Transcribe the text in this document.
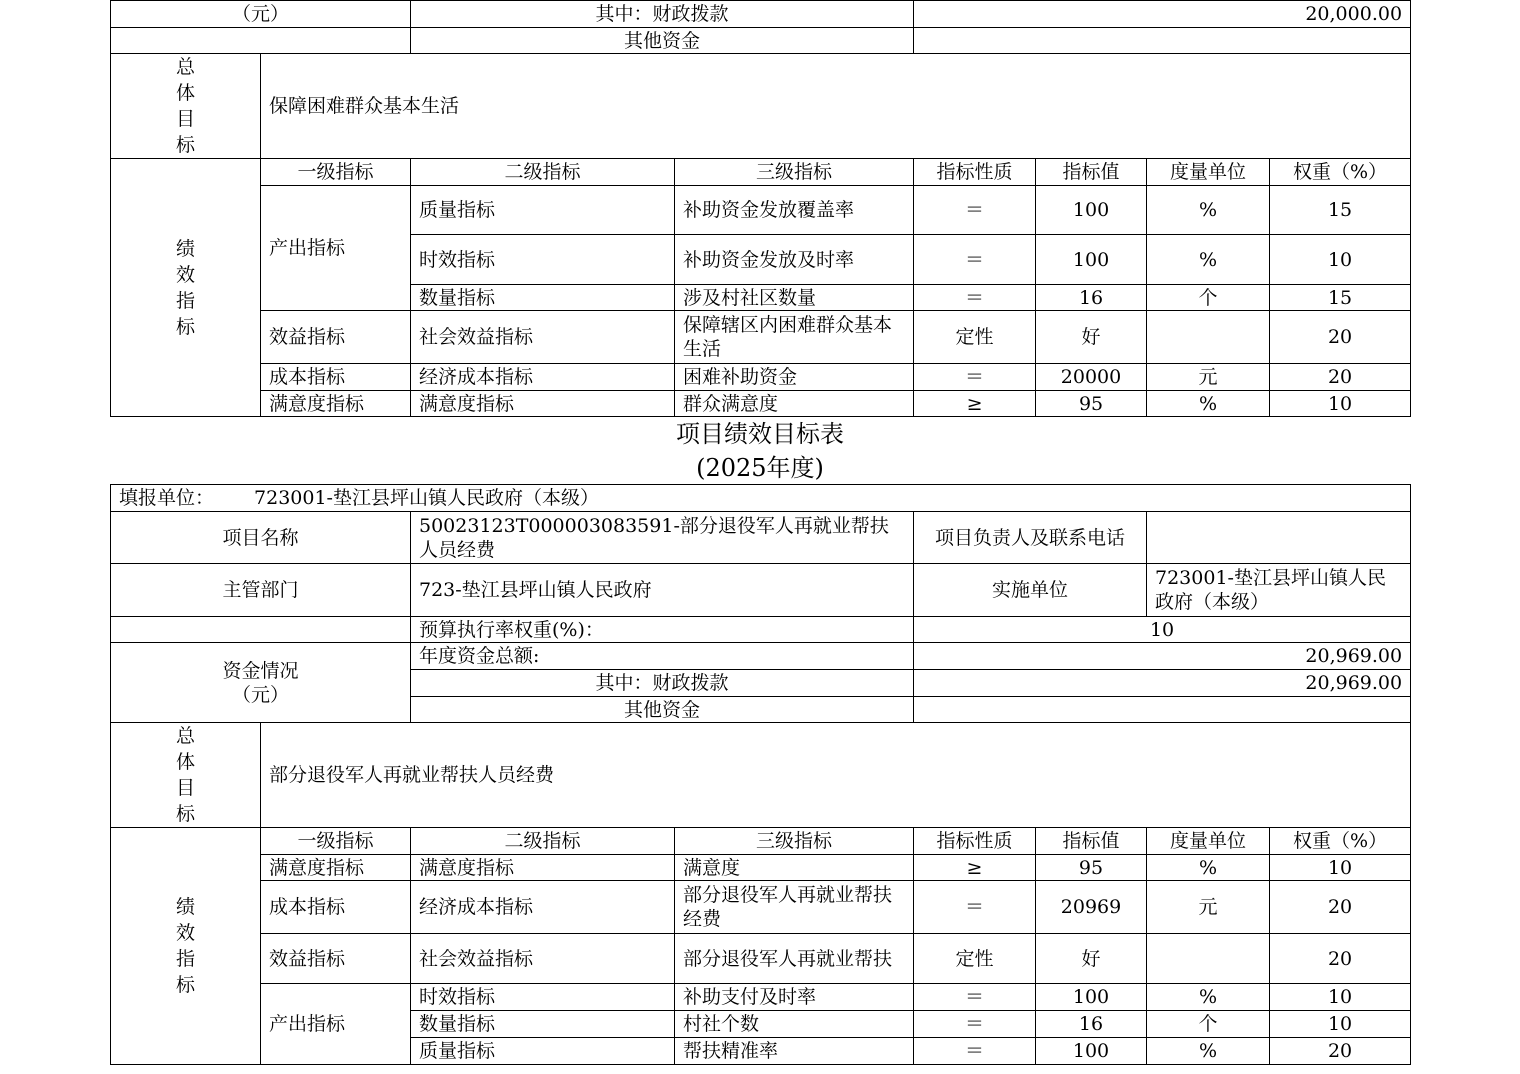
（元）		其中：财政拨款		20,000.00			
		其他资金					

总
体
目
标	保障困难群众基本生活						

绩
效
指
标	一级指标	二级指标	三级指标	指标性质	指标值	度量单位	权重（%）
	产出指标	质量指标	补助资金发放覆盖率	＝	100	%	15
		时效指标	补助资金发放及时率	＝	100	%	10
		数量指标	涉及村社区数量	＝	16	个	15
	效益指标	社会效益指标	保障辖区内困难群众基本生活	定性	好		20
	成本指标	经济成本指标	困难补助资金	＝	20000	元	20
	满意度指标	满意度指标	群众满意度	≥	95	%	10
项目绩效目标表
(2025年度)
填报单位： 723001-垫江县坪山镇人民政府（本级）							
项目名称		50023123T000003083591-部分退役军人再就业帮扶人员经费		项目负责人及联系电话			
主管部门		723-垫江县坪山镇人民政府		实施单位		723001-垫江县坪山镇人民政府（本级）	
		预算执行率权重(%)：		10			

资金情况
（元）		年度资金总额:		20,969.00			
		其中：财政拨款		20,969.00			
		其他资金					

总
体
目
标	部分退役军人再就业帮扶人员经费						

绩
效
指
标	一级指标	二级指标	三级指标	指标性质	指标值	度量单位	权重（%）
	满意度指标	满意度指标	满意度	≥	95	%	10
	成本指标	经济成本指标	部分退役军人再就业帮扶经费	＝	20969	元	20
	效益指标	社会效益指标	部分退役军人再就业帮扶	定性	好		20
	产出指标	时效指标	补助支付及时率	＝	100	%	10
		数量指标	村社个数	＝	16	个	10
		质量指标	帮扶精准率	＝	100	%	20
